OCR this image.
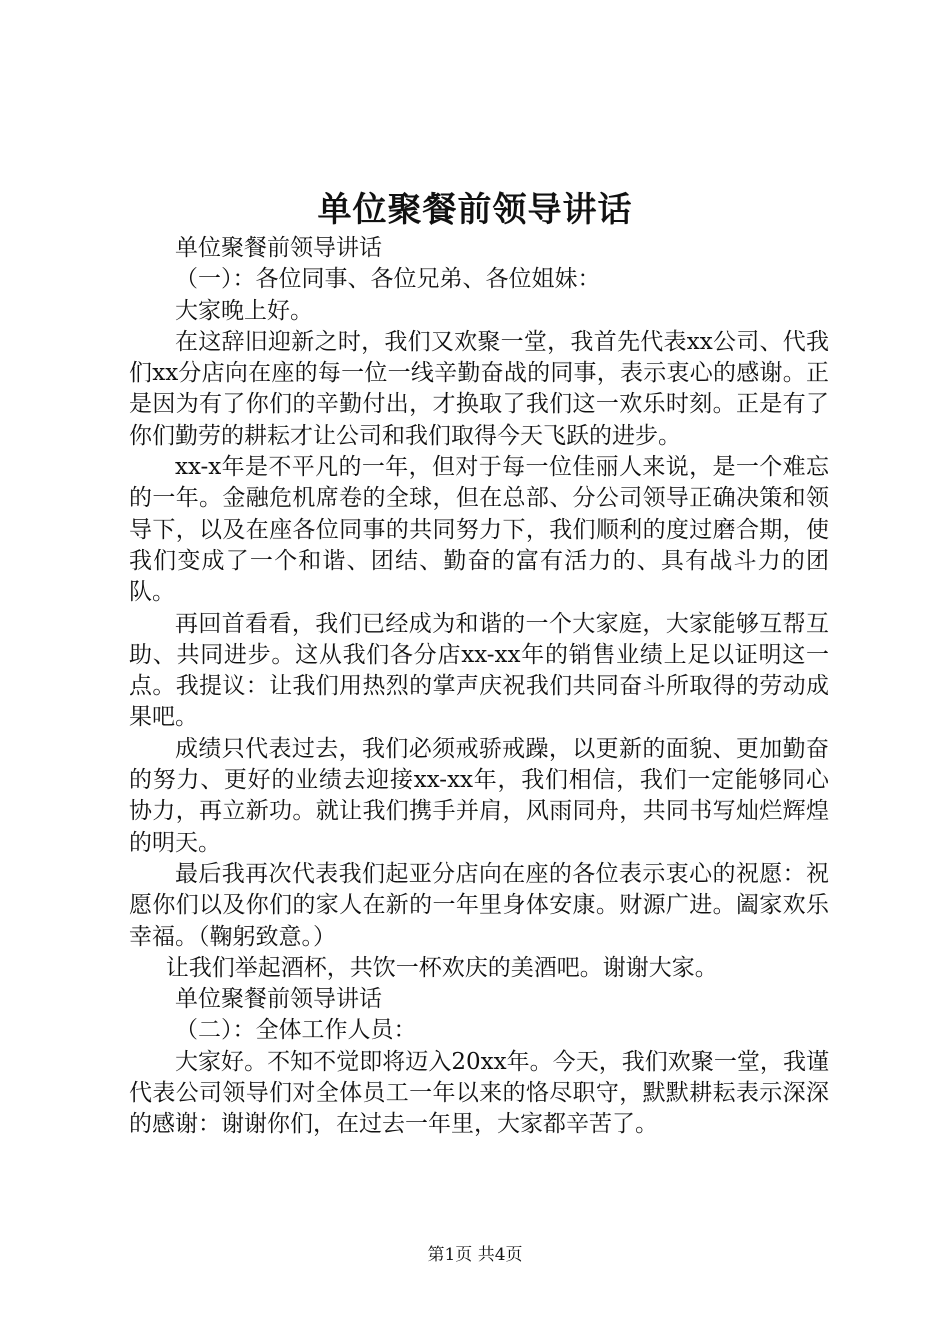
单位聚餐前领导讲话

单位聚餐前领导讲话

（一）：各位同事、各位兄弟、各位姐妹：

大家晚上好。

在这辞旧迎新之时，我们又欢聚一堂，我首先代表xx公司、代我们xx分店向在座的每一位一线辛勤奋战的同事，表示衷心的感谢。正是因为有了你们的辛勤付出，才换取了我们这一欢乐时刻。正是有了你们勤劳的耕耘才让公司和我们取得今天飞跃的进步。

xx-x年是不平凡的一年，但对于每一位佳丽人来说，是一个难忘的一年。金融危机席卷的全球，但在总部、分公司领导正确决策和领导下，以及在座各位同事的共同努力下，我们顺利的度过磨合期，使我们变成了一个和谐、团结、勤奋的富有活力的、具有战斗力的团队。

再回首看看，我们已经成为和谐的一个大家庭，大家能够互帮互助、共同进步。这从我们各分店xx-xx年的销售业绩上足以证明这一点。我提议：让我们用热烈的掌声庆祝我们共同奋斗所取得的劳动成果吧。

成绩只代表过去，我们必须戒骄戒躁，以更新的面貌、更加勤奋的努力、更好的业绩去迎接xx-xx年，我们相信，我们一定能够同心协力，再立新功。就让我们携手并肩，风雨同舟，共同书写灿烂辉煌的明天。

最后我再次代表我们起亚分店向在座的各位表示衷心的祝愿：祝愿你们以及你们的家人在新的一年里身体安康。财源广进。阖家欢乐幸福。（鞠躬致意。）

让我们举起酒杯，共饮一杯欢庆的美酒吧。谢谢大家。

单位聚餐前领导讲话

（二）：全体工作人员：

大家好。不知不觉即将迈入20xx年。今天，我们欢聚一堂，我谨代表公司领导们对全体员工一年以来的恪尽职守，默默耕耘表示深深的感谢：谢谢你们，在过去一年里，大家都辛苦了。

第1页 共4页
